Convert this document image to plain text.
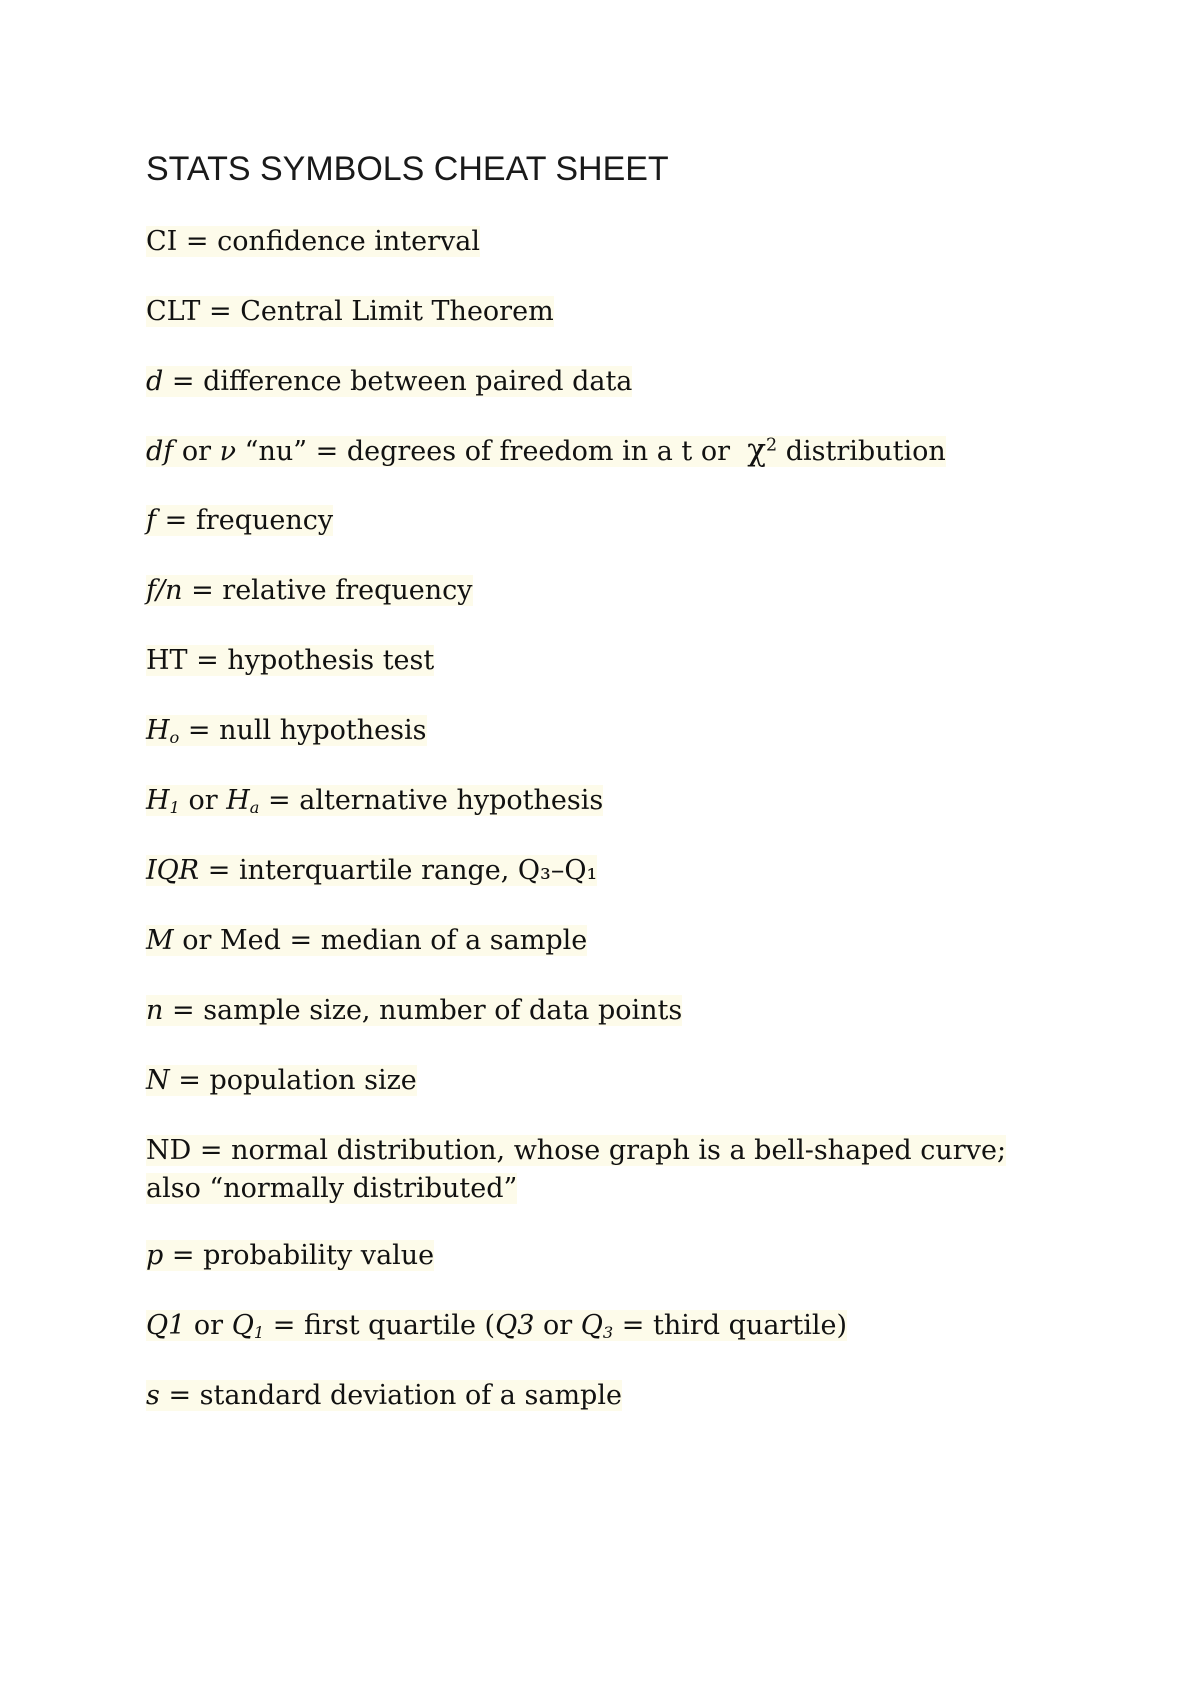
STATS SYMBOLS CHEAT SHEET

CI = confidence interval

CLT = Central Limit Theorem

d = difference between paired data

df or ν “nu” = degrees of freedom in a t or $\chi^2$ distribution

f = frequency

f/n = relative frequency

HT = hypothesis test

$H_o$ = null hypothesis

$H_1$ or $H_a$ = alternative hypothesis

IQR = interquartile range, Q₃–Q₁

M or Med = median of a sample

n = sample size, number of data points

N = population size

ND = normal distribution, whose graph is a bell-shaped curve;
also “normally distributed”

p = probability value

Q1 or $Q_1$ = first quartile (Q3 or $Q_3$ = third quartile)

s = standard deviation of a sample
